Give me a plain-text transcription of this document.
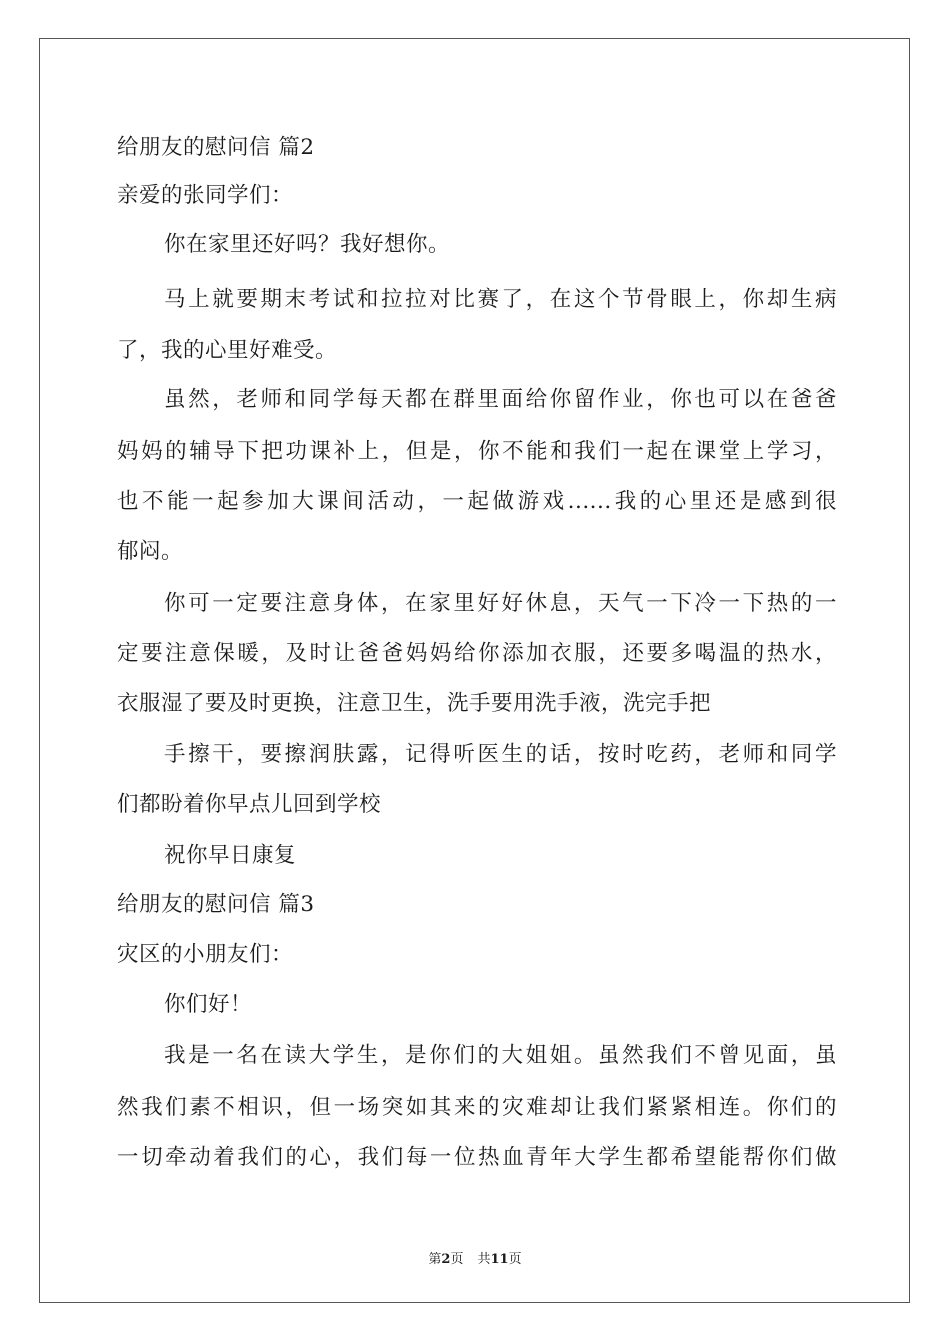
给朋友的慰问信 篇2
亲爱的张同学们：
你在家里还好吗？我好想你。
马上就要期末考试和拉拉对比赛了，在这个节骨眼上，你却生病
了，我的心里好难受。
虽然，老师和同学每天都在群里面给你留作业，你也可以在爸爸
妈妈的辅导下把功课补上，但是，你不能和我们一起在课堂上学习，
也不能一起参加大课间活动，一起做游戏......我的心里还是感到很
郁闷。
你可一定要注意身体，在家里好好休息，天气一下冷一下热的一
定要注意保暖，及时让爸爸妈妈给你添加衣服，还要多喝温的热水，
衣服湿了要及时更换，注意卫生，洗手要用洗手液，洗完手把
手擦干，要擦润肤露，记得听医生的话，按时吃药，老师和同学
们都盼着你早点儿回到学校
祝你早日康复
给朋友的慰问信 篇3
灾区的小朋友们：
你们好！
我是一名在读大学生，是你们的大姐姐。虽然我们不曾见面，虽
然我们素不相识，但一场突如其来的灾难却让我们紧紧相连。你们的
一切牵动着我们的心，我们每一位热血青年大学生都希望能帮你们做
第2页 共11页
